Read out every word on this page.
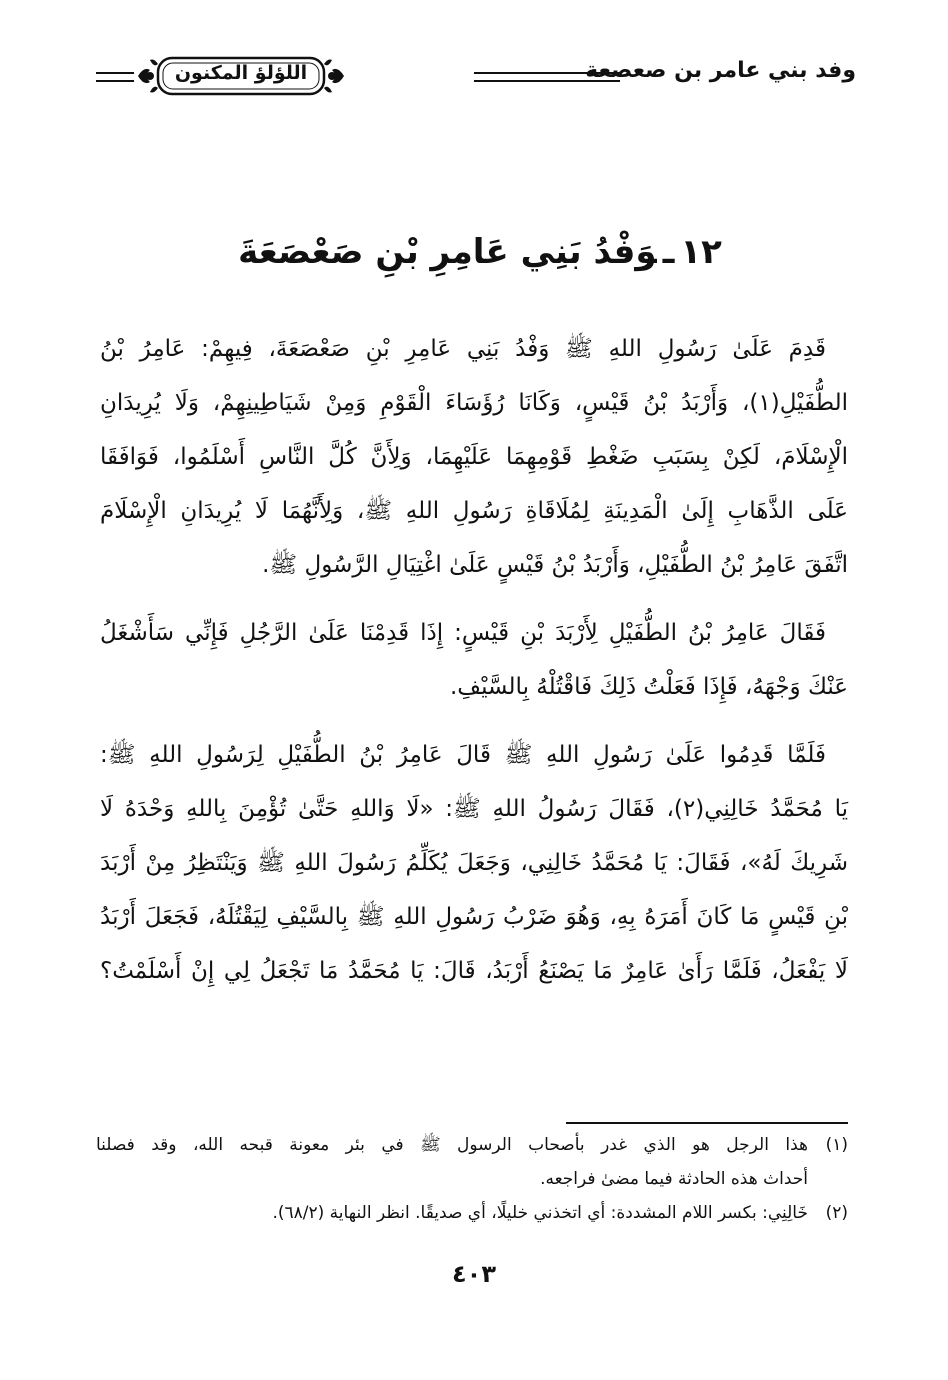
وفد بني عامر بن صعصعة
اللؤلؤ المكنون
١٢ـوَفْدُ بَنِي عَامِرِ بْنِ صَعْصَعَةَ
قَدِمَ عَلَىٰ رَسُولِ اللهِ ﷺ وَفْدُ بَنِي عَامِرِ بْنِ صَعْصَعَةَ، فِيهِمْ: عَامِرُ بْنُ
الطُّفَيْلِ(١)، وَأَرْبَدُ بْنُ قَيْسٍ، وَكَانَا رُؤَسَاءَ الْقَوْمِ وَمِنْ شَيَاطِينِهِمْ، وَلَا يُرِيدَانِ
الْإِسْلَامَ، لَكِنْ بِسَبَبِ ضَغْطِ قَوْمِهِمَا عَلَيْهِمَا، وَلِأَنَّ كُلَّ النَّاسِ أَسْلَمُوا، فَوَافَقَا
عَلَى الذَّهَابِ إِلَىٰ الْمَدِينَةِ لِمُلَاقَاةِ رَسُولِ اللهِ ﷺ، وَلِأَنَّهُمَا لَا يُرِيدَانِ الْإِسْلَامَ
اتَّفَقَ عَامِرُ بْنُ الطُّفَيْلِ، وَأَرْبَدُ بْنُ قَيْسٍ عَلَىٰ اغْتِيَالِ الرَّسُولِ ﷺ.
فَقَالَ عَامِرُ بْنُ الطُّفَيْلِ لِأَرْبَدَ بْنِ قَيْسٍ: إِذَا قَدِمْنَا عَلَىٰ الرَّجُلِ فَإِنِّي سَأَشْغَلُ
عَنْكَ وَجْهَهُ، فَإِذَا فَعَلْتُ ذَلِكَ فَاقْتُلْهُ بِالسَّيْفِ.
فَلَمَّا قَدِمُوا عَلَىٰ رَسُولِ اللهِ ﷺ قَالَ عَامِرُ بْنُ الطُّفَيْلِ لِرَسُولِ اللهِ ﷺ:
يَا مُحَمَّدُ خَالِنِي(٢)، فَقَالَ رَسُولُ اللهِ ﷺ: «لَا وَاللهِ حَتَّىٰ تُؤْمِنَ بِاللهِ وَحْدَهُ لَا
شَرِيكَ لَهُ»، فَقَالَ: يَا مُحَمَّدُ خَالِنِي، وَجَعَلَ يُكَلِّمُ رَسُولَ اللهِ ﷺ وَيَنْتَظِرُ مِنْ أَرْبَدَ
بْنِ قَيْسٍ مَا كَانَ أَمَرَهُ بِهِ، وَهُوَ ضَرْبُ رَسُولِ اللهِ ﷺ بِالسَّيْفِ لِيَقْتُلَهُ، فَجَعَلَ أَرْبَدُ
لَا يَفْعَلُ، فَلَمَّا رَأَىٰ عَامِرٌ مَا يَصْنَعُ أَرْبَدُ، قَالَ: يَا مُحَمَّدُ مَا تَجْعَلُ لِي إِنْ أَسْلَمْتُ؟
(١)
هذا الرجل هو الذي غدر بأصحاب الرسول ﷺ في بئر معونة قبحه الله، وقد فصلنا
أحداث هذه الحادثة فيما مضىٰ فراجعه.
(٢)
خَالِنِي: بكسر اللام المشددة: أي اتخذني خليلًا، أي صديقًا. انظر النهاية (٦٨/٢).
٤٠٣
